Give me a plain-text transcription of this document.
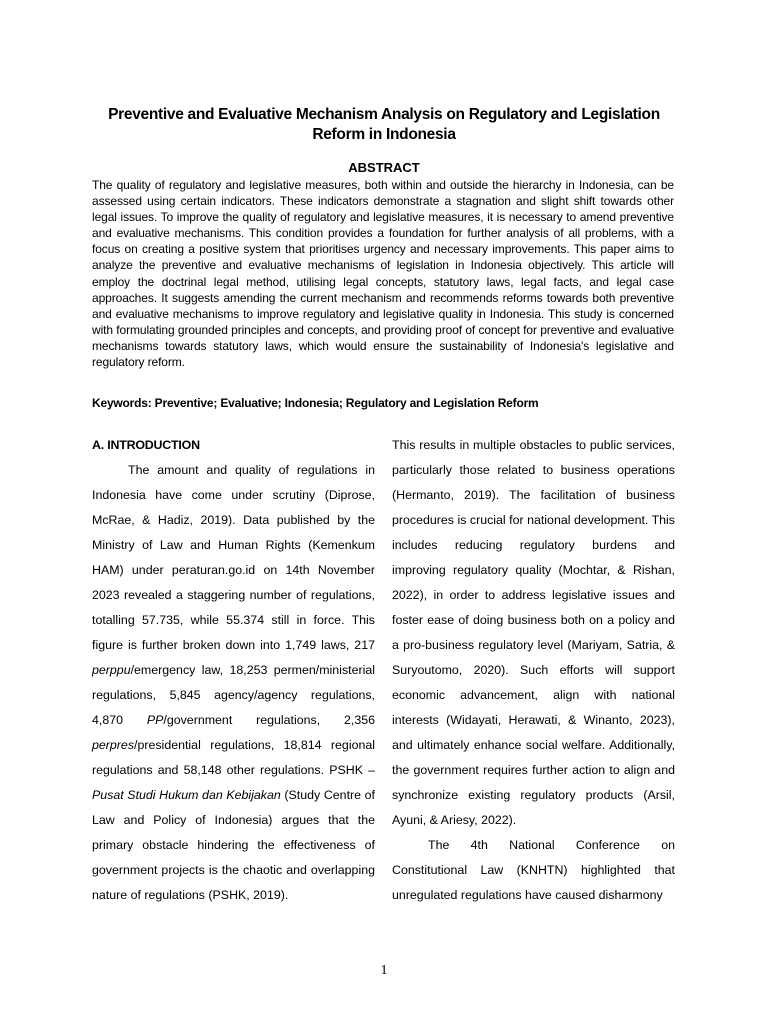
Preventive and Evaluative Mechanism Analysis on Regulatory and Legislation Reform in Indonesia
ABSTRACT
The quality of regulatory and legislative measures, both within and outside the hierarchy in Indonesia, can be assessed using certain indicators. These indicators demonstrate a stagnation and slight shift towards other legal issues. To improve the quality of regulatory and legislative measures, it is necessary to amend preventive and evaluative mechanisms. This condition provides a foundation for further analysis of all problems, with a focus on creating a positive system that prioritises urgency and necessary improvements. This paper aims to analyze the preventive and evaluative mechanisms of legislation in Indonesia objectively. This article will employ the doctrinal legal method, utilising legal concepts, statutory laws, legal facts, and legal case approaches. It suggests amending the current mechanism and recommends reforms towards both preventive and evaluative mechanisms to improve regulatory and legislative quality in Indonesia. This study is concerned with formulating grounded principles and concepts, and providing proof of concept for preventive and evaluative mechanisms towards statutory laws, which would ensure the sustainability of Indonesia's legislative and regulatory reform.
Keywords: Preventive; Evaluative; Indonesia; Regulatory and Legislation Reform
A. INTRODUCTION

The amount and quality of regulations in Indonesia have come under scrutiny (Diprose, McRae, & Hadiz, 2019). Data published by the Ministry of Law and Human Rights (Kemenkum HAM) under peraturan.go.id on 14th November 2023 revealed a staggering number of regulations, totalling 57.735, while 55.374 still in force. This figure is further broken down into 1,749 laws, 217 perppu/emergency law, 18,253 permen/ministerial regulations, 5,845 agency/agency regulations, 4,870 PP/government regulations, 2,356 perpres/presidential regulations, 18,814 regional regulations and 58,148 other regulations. PSHK – Pusat Studi Hukum dan Kebijakan (Study Centre of Law and Policy of Indonesia) argues that the primary obstacle hindering the effectiveness of government projects is the chaotic and overlapping nature of regulations (PSHK, 2019).

This results in multiple obstacles to public services, particularly those related to business operations (Hermanto, 2019). The facilitation of business procedures is crucial for national development. This includes reducing regulatory burdens and improving regulatory quality (Mochtar, & Rishan, 2022), in order to address legislative issues and foster ease of doing business both on a policy and a pro-business regulatory level (Mariyam, Satria, & Suryoutomo, 2020). Such efforts will support economic advancement, align with national interests (Widayati, Herawati, & Winanto, 2023), and ultimately enhance social welfare. Additionally, the government requires further action to align and synchronize existing regulatory products (Arsil, Ayuni, & Ariesy, 2022).

The 4th National Conference on Constitutional Law (KNHTN) highlighted that unregulated regulations have caused disharmony

1
